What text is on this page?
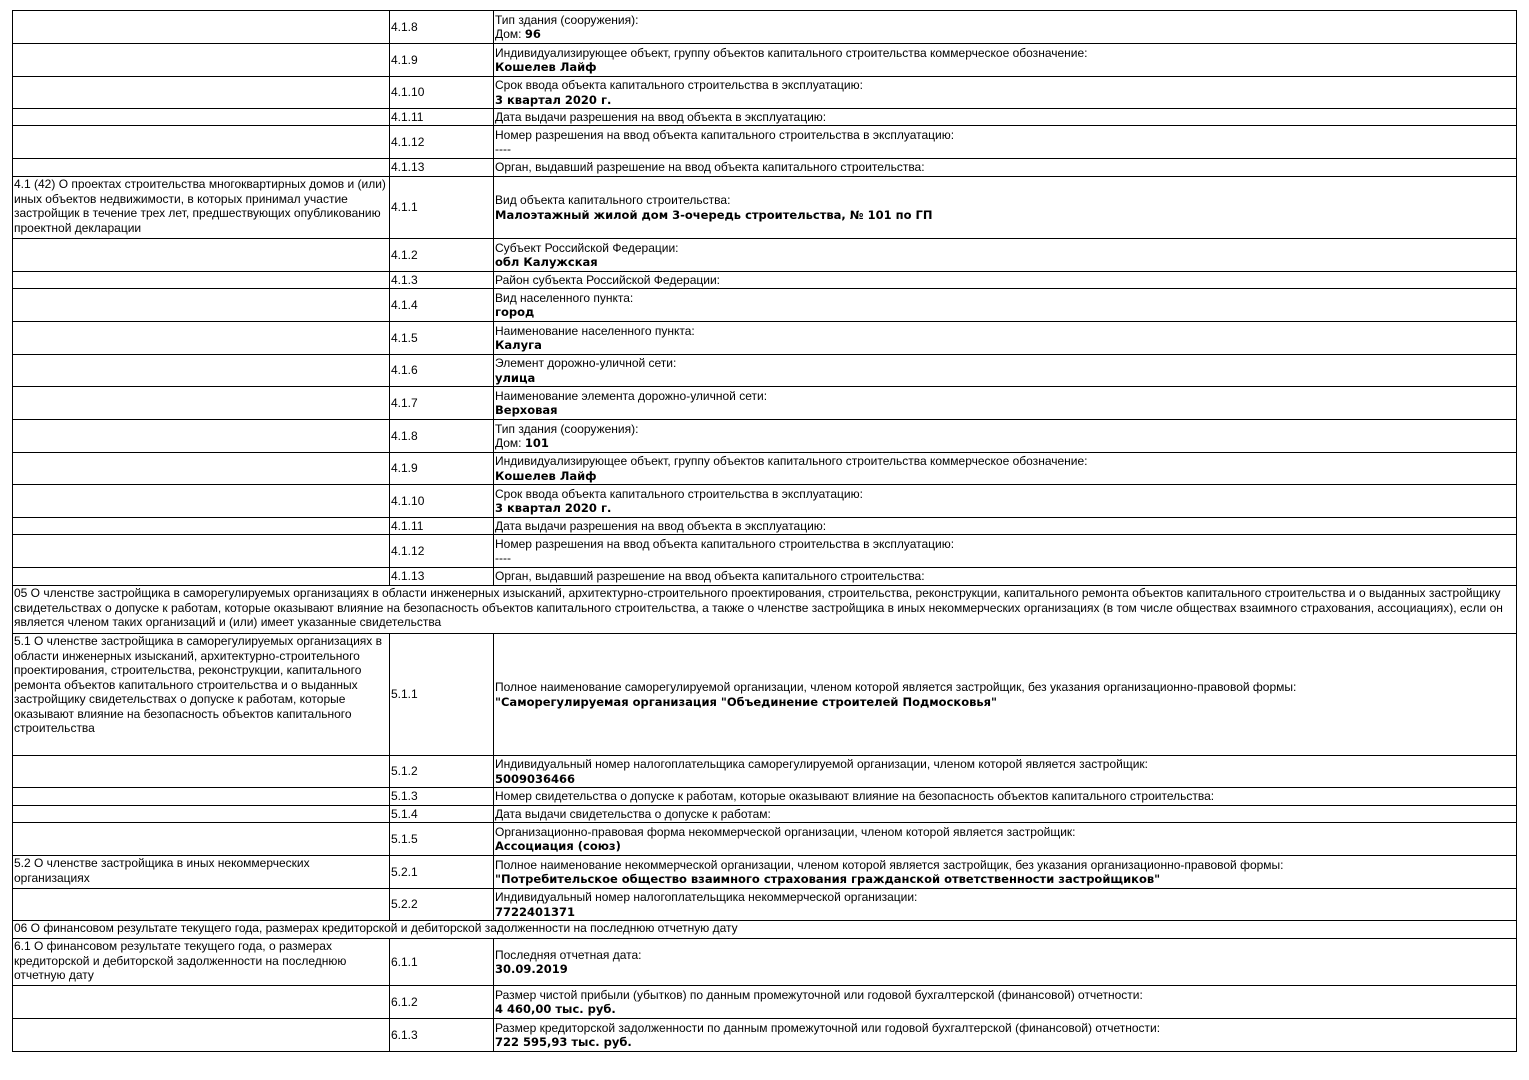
	4.1.8	Тип здания (сооружения):
Дом: 96

	4.1.9	Индивидуализирующее объект, группу объектов капитального строительства коммерческое обозначение:
Кошелев Лайф

	4.1.10	Срок ввода объекта капитального строительства в эксплуатацию:
3 квартал 2020 г.

	4.1.11	Дата выдачи разрешения на ввод объекта в эксплуатацию:

	4.1.12	Номер разрешения на ввод объекта капитального строительства в эксплуатацию:
----

	4.1.13	Орган, выдавший разрешение на ввод объекта капитального строительства:

4.1 (42) О проектах строительства многоквартирных домов и (или) иных объектов недвижимости, в которых принимал участие застройщик в течение трех лет, предшествующих опубликованию проектной декларации	4.1.1	Вид объекта капитального строительства:
Малоэтажный жилой дом 3-очередь строительства, № 101 по ГП

	4.1.2	Субъект Российской Федерации:
обл Калужская

	4.1.3	Район субъекта Российской Федерации:

	4.1.4	Вид населенного пункта:
город

	4.1.5	Наименование населенного пункта:
Калуга

	4.1.6	Элемент дорожно-уличной сети:
улица

	4.1.7	Наименование элемента дорожно-уличной сети:
Верховая

	4.1.8	Тип здания (сооружения):
Дом: 101

	4.1.9	Индивидуализирующее объект, группу объектов капитального строительства коммерческое обозначение:
Кошелев Лайф

	4.1.10	Срок ввода объекта капитального строительства в эксплуатацию:
3 квартал 2020 г.

	4.1.11	Дата выдачи разрешения на ввод объекта в эксплуатацию:

	4.1.12	Номер разрешения на ввод объекта капитального строительства в эксплуатацию:
----

	4.1.13	Орган, выдавший разрешение на ввод объекта капитального строительства:

05 О членстве застройщика в саморегулируемых организациях в области инженерных изысканий, архитектурно-строительного проектирования, строительства, реконструкции, капитального ремонта объектов капитального строительства и о выданных застройщику свидетельствах о допуске к работам, которые оказывают влияние на безопасность объектов капитального строительства, а также о членстве застройщика в иных некоммерческих организациях (в том числе обществах взаимного страхования, ассоциациях), если он является членом таких организаций и (или) имеет указанные свидетельства		
5.1 О членстве застройщика в саморегулируемых организациях в области инженерных изысканий, архитектурно-строительного проектирования, строительства, реконструкции, капитального ремонта объектов капитального строительства и о выданных застройщику свидетельствах о допуске к работам, которые оказывают влияние на безопасность объектов капитального строительства	5.1.1	Полное наименование саморегулируемой организации, членом которой является застройщик, без указания организационно-правовой формы:
"Саморегулируемая организация "Объединение строителей Подмосковья"

	5.1.2	Индивидуальный номер налогоплательщика саморегулируемой организации, членом которой является застройщик:
5009036466

	5.1.3	Номер свидетельства о допуске к работам, которые оказывают влияние на безопасность объектов капитального строительства:

	5.1.4	Дата выдачи свидетельства о допуске к работам:

	5.1.5	Организационно-правовая форма некоммерческой организации, членом которой является застройщик:
Ассоциация (союз)

5.2 О членстве застройщика в иных некоммерческих организациях	5.2.1	Полное наименование некоммерческой организации, членом которой является застройщик, без указания организационно-правовой формы:
"Потребительское общество взаимного страхования гражданской ответственности застройщиков"

	5.2.2	Индивидуальный номер налогоплательщика некоммерческой организации:
7722401371

06 О финансовом результате текущего года, размерах кредиторской и дебиторской задолженности на последнюю отчетную дату		
6.1 О финансовом результате текущего года, о размерах кредиторской и дебиторской задолженности на последнюю отчетную дату	6.1.1	Последняя отчетная дата:
30.09.2019

	6.1.2	Размер чистой прибыли (убытков) по данным промежуточной или годовой бухгалтерской (финансовой) отчетности:
4 460,00 тыс. руб.

	6.1.3	Размер кредиторской задолженности по данным промежуточной или годовой бухгалтерской (финансовой) отчетности:
722 595,93 тыс. руб.
